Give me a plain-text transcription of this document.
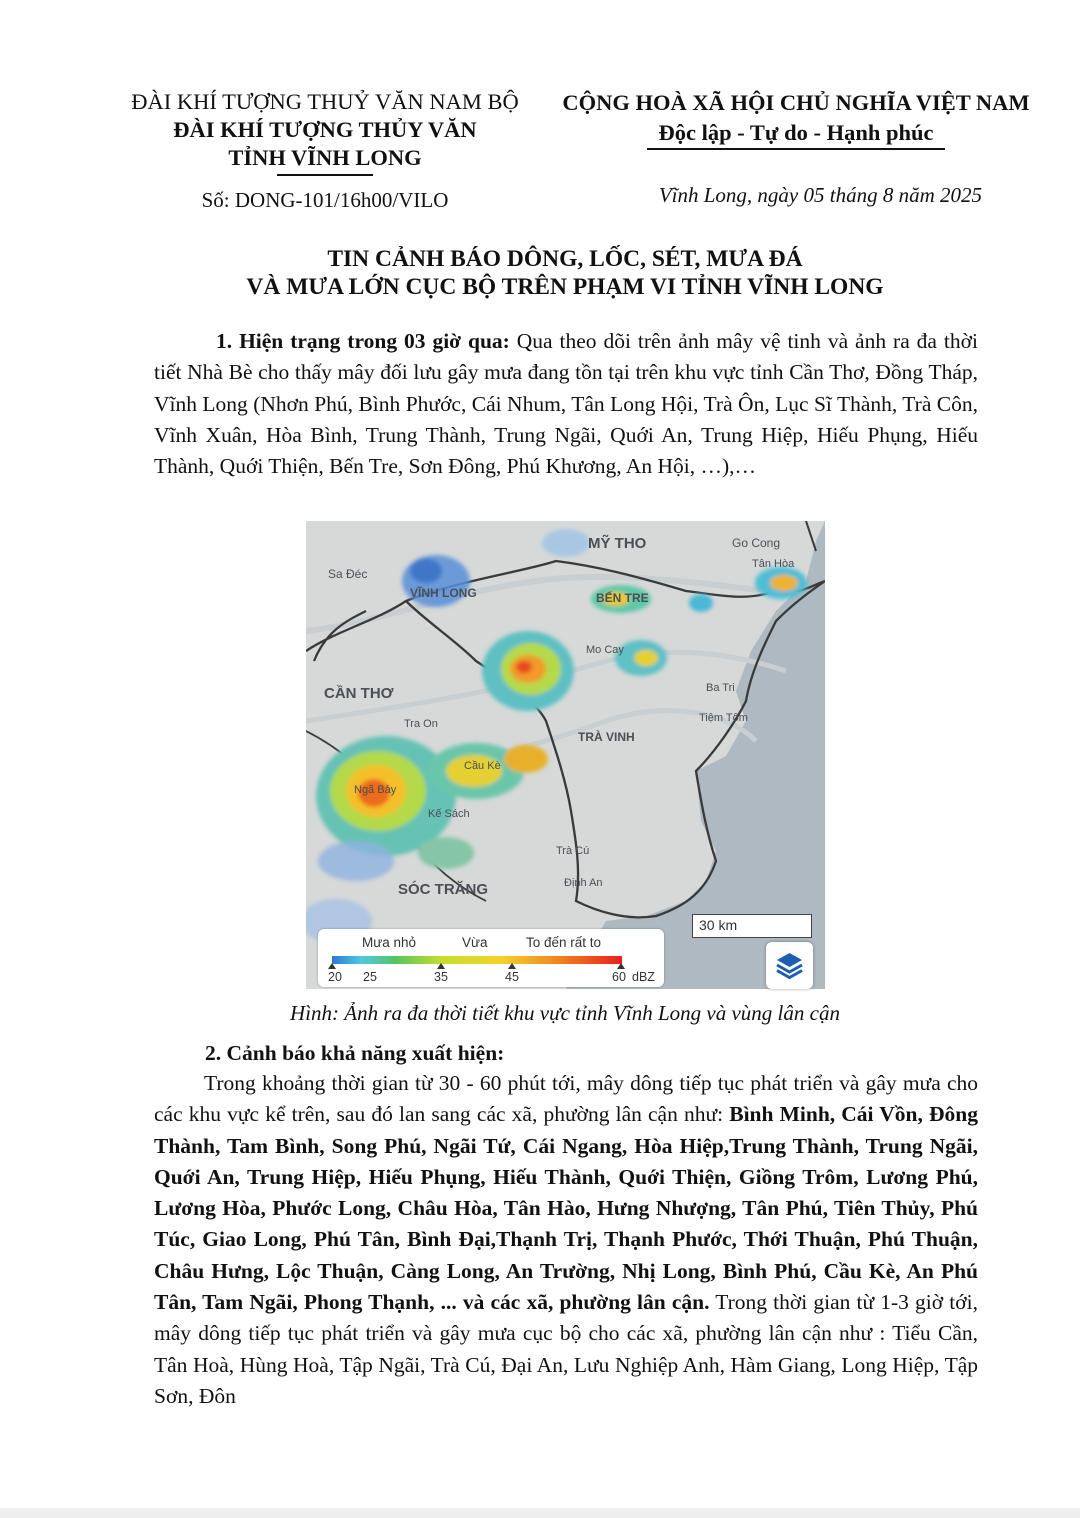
ĐÀI KHÍ TƯỢNG THUỶ VĂN NAM BỘ
ĐÀI KHÍ TƯỢNG THỦY VĂN
TỈNH VĨNH LONG
Số: DONG-101/16h00/VILO
CỘNG HOÀ XÃ HỘI CHỦ NGHĨA VIỆT NAM
Độc lập - Tự do - Hạnh phúc
Vĩnh Long, ngày 05 tháng 8 năm 2025
TIN CẢNH BÁO DÔNG, LỐC, SÉT, MƯA ĐÁ
VÀ MƯA LỚN CỤC BỘ TRÊN PHẠM VI TỈNH VĨNH LONG
1. Hiện trạng trong 03 giờ qua: Qua theo dõi trên ảnh mây vệ tinh và ảnh ra đa thời tiết Nhà Bè cho thấy mây đối lưu gây mưa đang tồn tại trên khu vực tỉnh Cần Thơ, Đồng Tháp, Vĩnh Long (Nhơn Phú, Bình Phước, Cái Nhum, Tân Long Hội, Trà Ôn, Lục Sĩ Thành, Trà Côn, Vĩnh Xuân, Hòa Bình, Trung Thành, Trung Ngãi, Quới An, Trung Hiệp, Hiếu Phụng, Hiếu Thành, Quới Thiện, Bến Tre, Sơn Đông, Phú Khương, An Hội, …),…
MỸ THO	Go Cong
Tân Hòa
Sa Đéc
VĨNH LONG	BẾN TRE
Mo Cay
CẦN THƠ	Ba Tri
Tiệm Tôm
Tra On
TRÀ VINH
Ngã Bảy
Cầu Kè
Kế Sách
Trà Cú
Định An
SÓC TRĂNG
30 km
Mưa nhỏ	Vừa	To đến rất to
20 25	35	45	60 dBZ
Hình: Ảnh ra đa thời tiết khu vực tỉnh Vĩnh Long và vùng lân cận
2. Cảnh báo khả năng xuất hiện:
Trong khoảng thời gian từ 30 - 60 phút tới, mây dông tiếp tục phát triển và gây mưa cho các khu vực kể trên, sau đó lan sang các xã, phường lân cận như: Bình Minh, Cái Vồn, Đông Thành, Tam Bình, Song Phú, Ngãi Tứ, Cái Ngang, Hòa Hiệp,Trung Thành, Trung Ngãi, Quới An, Trung Hiệp, Hiếu Phụng, Hiếu Thành, Quới Thiện, Giồng Trôm, Lương Phú, Lương Hòa, Phước Long, Châu Hòa, Tân Hào, Hưng Nhượng, Tân Phú, Tiên Thủy, Phú Túc, Giao Long, Phú Tân, Bình Đại,Thạnh Trị, Thạnh Phước, Thới Thuận, Phú Thuận, Châu Hưng, Lộc Thuận, Càng Long, An Trường, Nhị Long, Bình Phú, Cầu Kè, An Phú Tân, Tam Ngãi, Phong Thạnh, ... và các xã, phường lân cận. Trong thời gian từ 1-3 giờ tới, mây dông tiếp tục phát triển và gây mưa cục bộ cho các xã, phường lân cận như : Tiểu Cần, Tân Hoà, Hùng Hoà, Tập Ngãi, Trà Cú, Đại An, Lưu Nghiệp Anh, Hàm Giang, Long Hiệp, Tập Sơn, Đôn
